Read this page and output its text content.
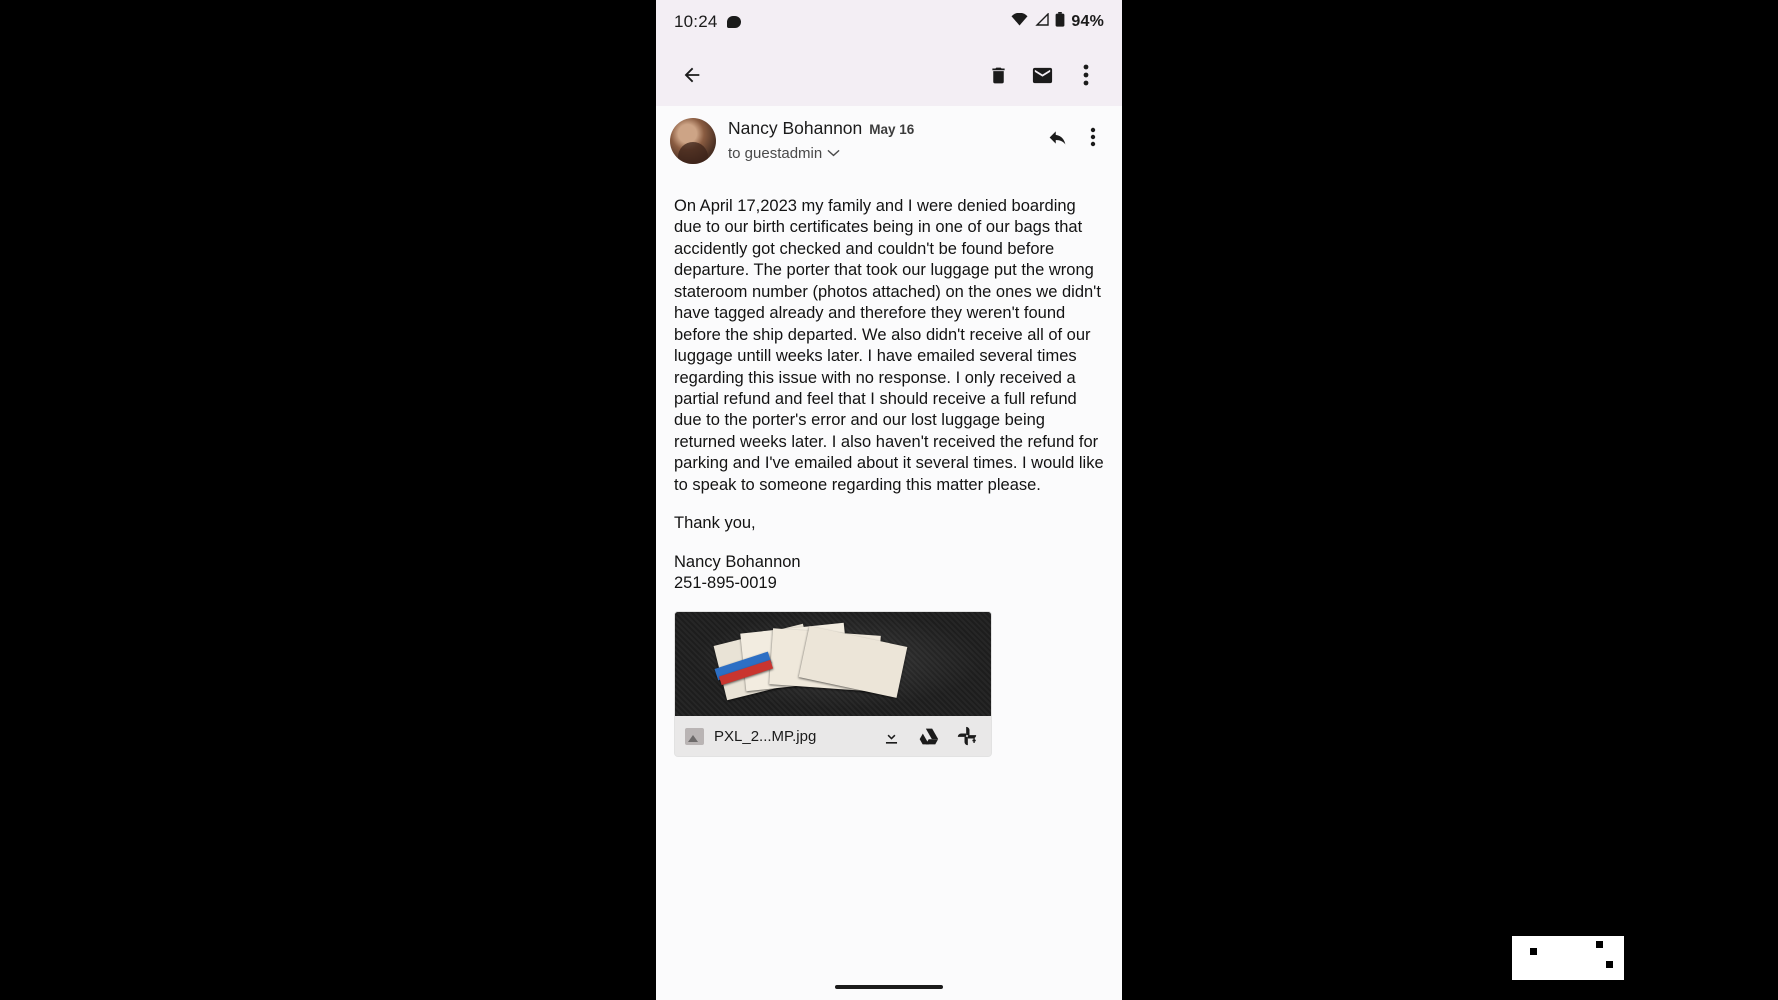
10:24	94%
Nancy Bohannon May 16
to guestadmin

On April 17,2023 my family and I were denied boarding due to our birth certificates being in one of our bags that accidently got checked and couldn't be found before departure. The porter that took our luggage put the wrong stateroom number (photos attached) on the ones we didn't have tagged already and therefore they weren't found before the ship departed. We also didn't receive all of our luggage untill weeks later. I have emailed several times regarding this issue with no response. I only received a partial refund and feel that I should receive a full refund due to the porter's error and our lost luggage being returned weeks later. I also haven't received the refund for parking and I've emailed about it several times. I would like to speak to someone regarding this matter please.

Thank you,

Nancy Bohannon

251-895-0019

PXL_2...MP.jpg
